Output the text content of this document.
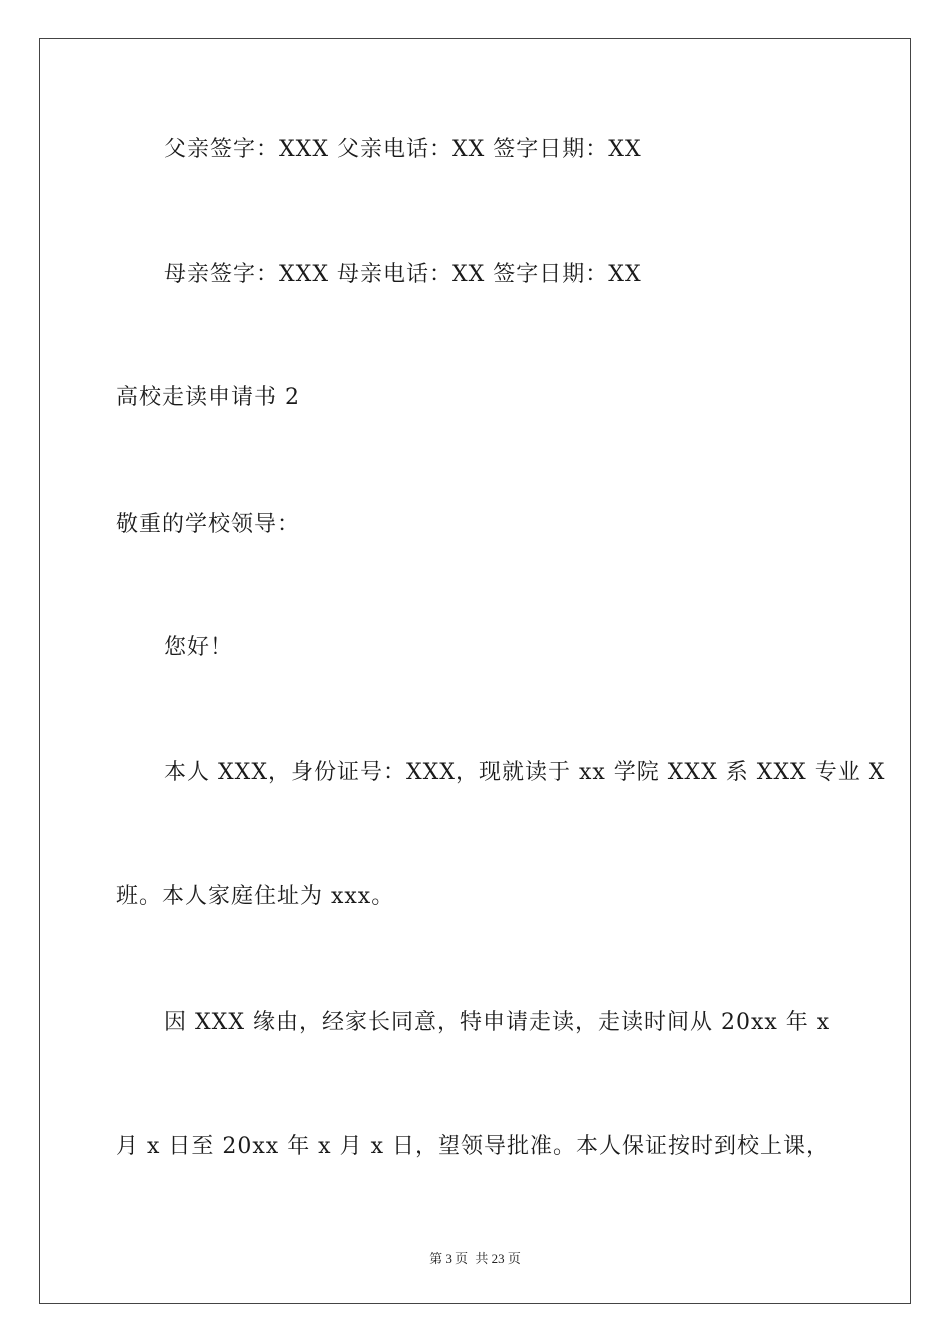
父亲签字：XXX 父亲电话：XX 签字日期：XX
母亲签字：XXX 母亲电话：XX 签字日期：XX
高校走读申请书 2
敬重的学校领导：
您好！
本人 XXX，身份证号：XXX，现就读于 xx 学院 XXX 系 XXX 专业 X
班。本人家庭住址为 xxx。
因 XXX 缘由，经家长同意，特申请走读，走读时间从 20xx 年 x
月 x 日至 20xx 年 x 月 x 日，望领导批准。本人保证按时到校上课，
第 3 页 共 23 页
